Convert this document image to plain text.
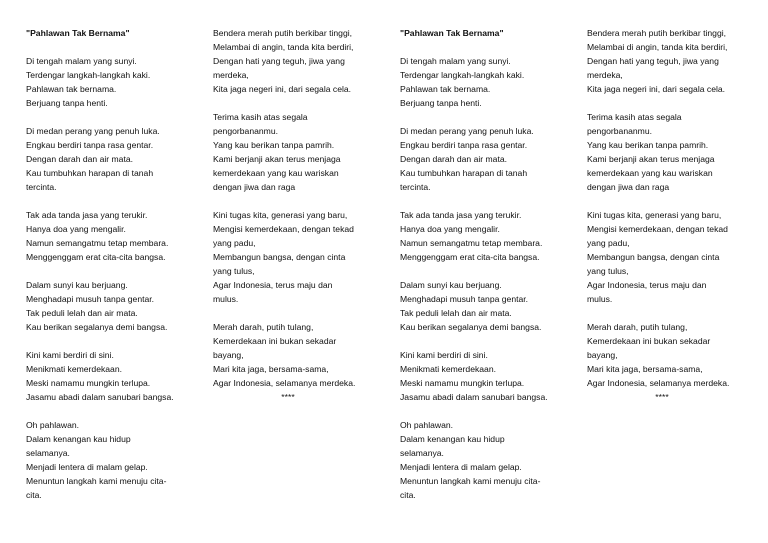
"Pahlawan Tak Bernama"
Di tengah malam yang sunyi.
Terdengar langkah-langkah kaki.
Pahlawan tak bernama.
Berjuang tanpa henti.
Di medan perang yang penuh luka.
Engkau berdiri tanpa rasa gentar.
Dengan darah dan air mata.
Kau tumbuhkan harapan di tanah
tercinta.
Tak ada tanda jasa yang terukir.
Hanya doa yang mengalir.
Namun semangatmu tetap membara.
Menggenggam erat cita-cita bangsa.
Dalam sunyi kau berjuang.
Menghadapi musuh tanpa gentar.
Tak peduli lelah dan air mata.
Kau berikan segalanya demi bangsa.
Kini kami berdiri di sini.
Menikmati kemerdekaan.
Meski namamu mungkin terlupa.
Jasamu abadi dalam sanubari bangsa.
Oh pahlawan.
Dalam kenangan kau hidup
selamanya.
Menjadi lentera di malam gelap.
Menuntun langkah kami menuju cita-
cita.
Bendera merah putih berkibar tinggi,
Melambai di angin, tanda kita berdiri,
Dengan hati yang teguh, jiwa yang
merdeka,
Kita jaga negeri ini, dari segala cela.
Terima kasih atas segala
pengorbananmu.
Yang kau berikan tanpa pamrih.
Kami berjanji akan terus menjaga
kemerdekaan yang kau wariskan
dengan jiwa dan raga
Kini tugas kita, generasi yang baru,
Mengisi kemerdekaan, dengan tekad
yang padu,
Membangun bangsa, dengan cinta
yang tulus,
Agar Indonesia, terus maju dan
mulus.
Merah darah, putih tulang,
Kemerdekaan ini bukan sekadar
bayang,
Mari kita jaga, bersama-sama,
Agar Indonesia, selamanya merdeka.
****
"Pahlawan Tak Bernama"
Di tengah malam yang sunyi.
Terdengar langkah-langkah kaki.
Pahlawan tak bernama.
Berjuang tanpa henti.
Di medan perang yang penuh luka.
Engkau berdiri tanpa rasa gentar.
Dengan darah dan air mata.
Kau tumbuhkan harapan di tanah
tercinta.
Tak ada tanda jasa yang terukir.
Hanya doa yang mengalir.
Namun semangatmu tetap membara.
Menggenggam erat cita-cita bangsa.
Dalam sunyi kau berjuang.
Menghadapi musuh tanpa gentar.
Tak peduli lelah dan air mata.
Kau berikan segalanya demi bangsa.
Kini kami berdiri di sini.
Menikmati kemerdekaan.
Meski namamu mungkin terlupa.
Jasamu abadi dalam sanubari bangsa.
Oh pahlawan.
Dalam kenangan kau hidup
selamanya.
Menjadi lentera di malam gelap.
Menuntun langkah kami menuju cita-
cita.
Bendera merah putih berkibar tinggi,
Melambai di angin, tanda kita berdiri,
Dengan hati yang teguh, jiwa yang
merdeka,
Kita jaga negeri ini, dari segala cela.
Terima kasih atas segala
pengorbananmu.
Yang kau berikan tanpa pamrih.
Kami berjanji akan terus menjaga
kemerdekaan yang kau wariskan
dengan jiwa dan raga
Kini tugas kita, generasi yang baru,
Mengisi kemerdekaan, dengan tekad
yang padu,
Membangun bangsa, dengan cinta
yang tulus,
Agar Indonesia, terus maju dan
mulus.
Merah darah, putih tulang,
Kemerdekaan ini bukan sekadar
bayang,
Mari kita jaga, bersama-sama,
Agar Indonesia, selamanya merdeka.
****
